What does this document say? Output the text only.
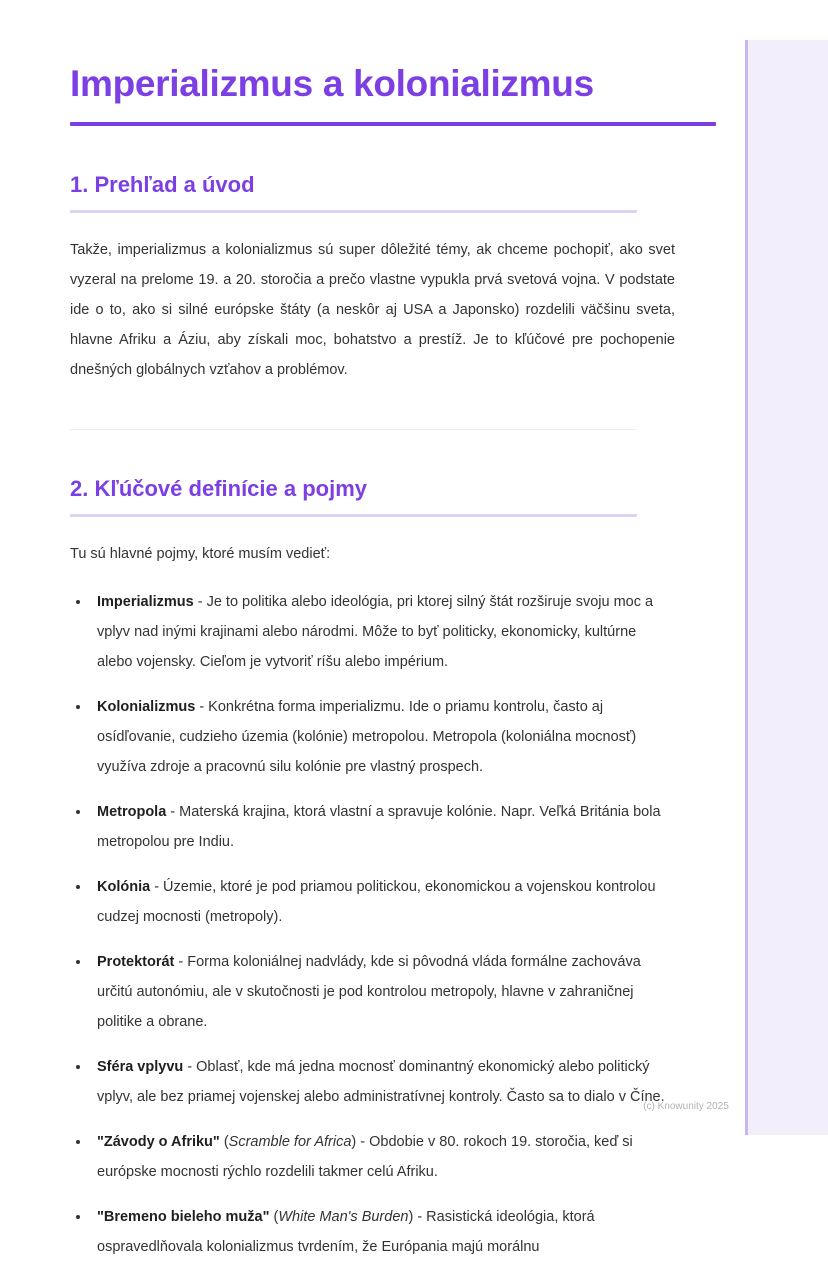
Imperializmus a kolonializmus
1. Prehľad a úvod

Takže, imperializmus a kolonializmus sú super dôležité témy, ak chceme pochopiť, ako svet vyzeral na prelome 19. a 20. storočia a prečo vlastne vypukla prvá svetová vojna. V podstate ide o to, ako si silné európske štáty (a neskôr aj USA a Japonsko) rozdelili väčšinu sveta, hlavne Afriku a Áziu, aby získali moc, bohatstvo a prestíž. Je to kľúčové pre pochopenie dnešných globálnych vzťahov a problémov.

2. Kľúčové definície a pojmy

Tu sú hlavné pojmy, ktoré musím vedieť:

Imperializmus - Je to politika alebo ideológia, pri ktorej silný štát rozširuje svoju moc a vplyv nad inými krajinami alebo národmi. Môže to byť politicky, ekonomicky, kultúrne alebo vojensky. Cieľom je vytvoriť ríšu alebo impérium.
Kolonializmus - Konkrétna forma imperializmu. Ide o priamu kontrolu, často aj osídľovanie, cudzieho územia (kolónie) metropolou. Metropola (koloniálna mocnosť) využíva zdroje a pracovnú silu kolónie pre vlastný prospech.
Metropola - Materská krajina, ktorá vlastní a spravuje kolónie. Napr. Veľká Británia bola metropolou pre Indiu.
Kolónia - Územie, ktoré je pod priamou politickou, ekonomickou a vojenskou kontrolou cudzej mocnosti (metropoly).
Protektorát - Forma koloniálnej nadvlády, kde si pôvodná vláda formálne zachováva určitú autonómiu, ale v skutočnosti je pod kontrolou metropoly, hlavne v zahraničnej politike a obrane.
Sféra vplyvu - Oblasť, kde má jedna mocnosť dominantný ekonomický alebo politický vplyv, ale bez priamej vojenskej alebo administratívnej kontroly. Často sa to dialo v Číne.
"Závody o Afriku" (Scramble for Africa) - Obdobie v 80. rokoch 19. storočia, keď si európske mocnosti rýchlo rozdelili takmer celú Afriku.
"Bremeno bieleho muža" (White Man's Burden) - Rasistická ideológia, ktorá ospravedlňovala kolonializmus tvrdením, že Európania majú morálnu
(c) Knowunity 2025
